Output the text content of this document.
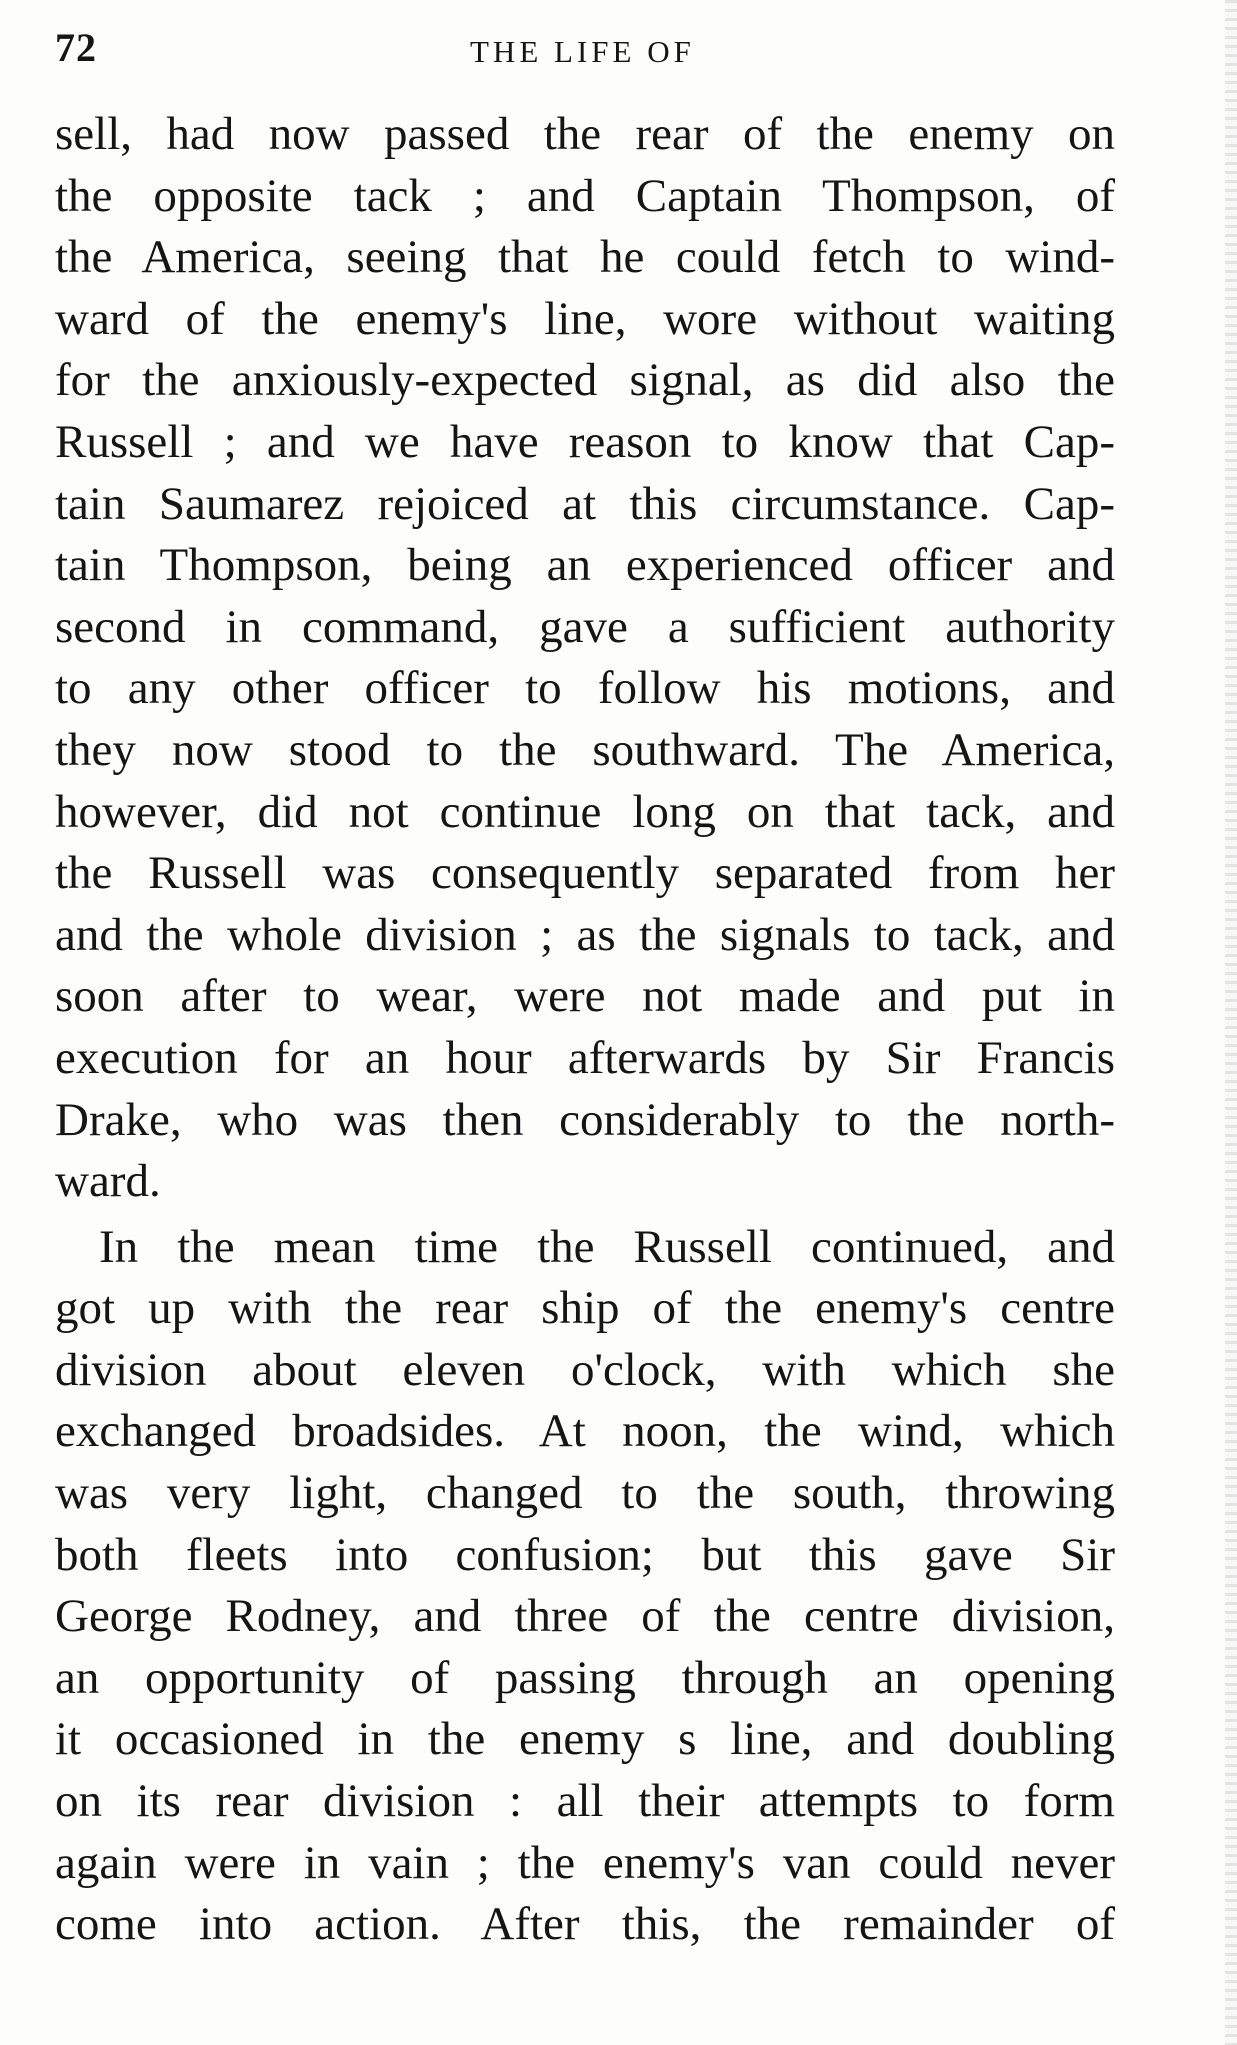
72	THE LIFE OF
sell, had now passed the rear of the enemy on
the opposite tack ; and Captain Thompson, of
the America, seeing that he could fetch to wind-
ward of the enemy's line, wore without waiting
for the anxiously-expected signal, as did also the
Russell ; and we have reason to know that Cap-
tain Saumarez rejoiced at this circumstance. Cap-
tain Thompson, being an experienced officer and
second in command, gave a sufficient authority
to any other officer to follow his motions, and
they now stood to the southward. The America,
however, did not continue long on that tack, and
the Russell was consequently separated from her
and the whole division ; as the signals to tack, and
soon after to wear, were not made and put in
execution for an hour afterwards by Sir Francis
Drake, who was then considerably to the north-
ward.
In the mean time the Russell continued, and
got up with the rear ship of the enemy's centre
division about eleven o'clock, with which she
exchanged broadsides. At noon, the wind, which
was very light, changed to the south, throwing
both fleets into confusion; but this gave Sir
George Rodney, and three of the centre division,
an opportunity of passing through an opening
it occasioned in the enemy s line, and doubling
on its rear division : all their attempts to form
again were in vain ; the enemy's van could never
come into action. After this, the remainder of
